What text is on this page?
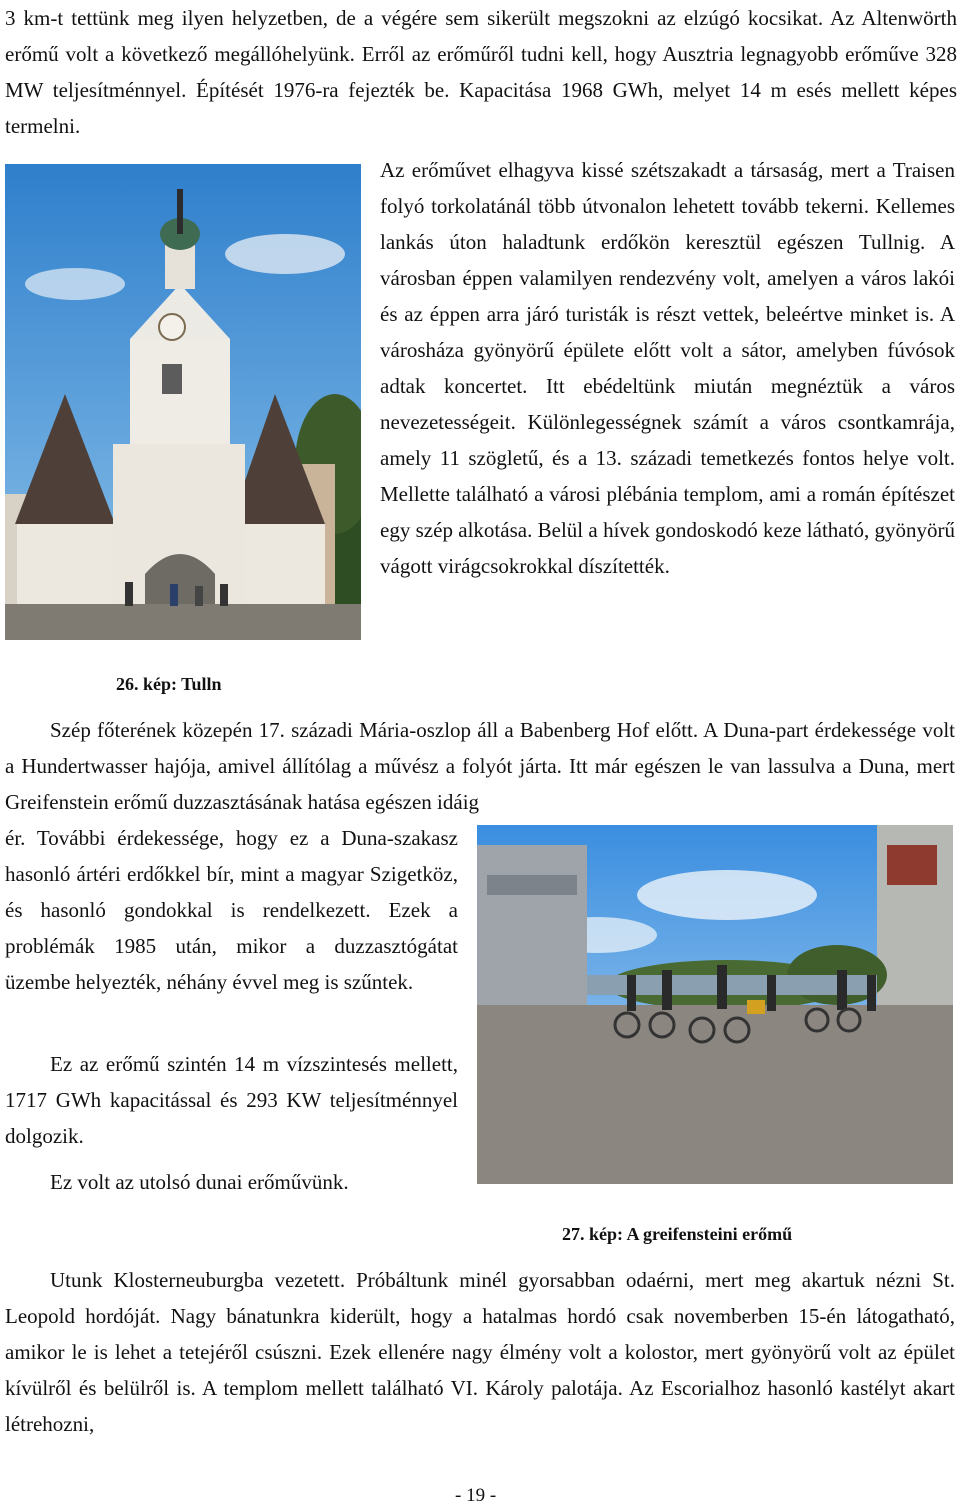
3 km-t tettünk meg ilyen helyzetben, de a végére sem sikerült megszokni az elzúgó kocsikat. Az Altenwörth erőmű volt a következő megállóhelyünk. Erről az erőműről tudni kell, hogy Ausztria legnagyobb erőműve 328 MW teljesítménnyel. Építését 1976-ra fejezték be. Kapacitása 1968 GWh, melyet 14 m esés mellett képes termelni.

Az erőművet elhagyva kissé szétszakadt a társaság, mert a Traisen folyó torkolatánál több útvonalon lehetett tovább tekerni. Kellemes lankás úton haladtunk erdőkön keresztül egészen Tullnig. A városban éppen valamilyen rendezvény volt, amelyen a város lakói és az éppen arra járó turisták is részt vettek, beleértve minket is. A városháza gyönyörű épülete előtt volt a sátor, amelyben fúvósok adtak koncertet. Itt ebédeltünk miután megnéztük a város nevezetességeit. Különlegességnek számít a város csontkamrája, amely 11 szögletű, és a 13. századi temetkezés fontos helye volt. Mellette található a városi plébánia templom, ami a román építészet egy szép alkotása. Belül a hívek gondoskodó keze látható, gyönyörű vágott virágcsokrokkal díszítették.

26. kép: Tulln

Szép főterének közepén 17. századi Mária-oszlop áll a Babenberg Hof előtt. A Duna-part érdekessége volt a Hundertwasser hajója, amivel állítólag a művész a folyót járta. Itt már egészen le van lassulva a Duna, mert Greifenstein erőmű duzzasztásának hatása egészen idáig

ér. További érdekessége, hogy ez a Duna-szakasz hasonló ártéri erdőkkel bír, mint a magyar Szigetköz, és hasonló gondokkal is rendelkezett. Ezek a problémák 1985 után, mikor a duzzasztógátat üzembe helyezték, néhány évvel meg is szűntek.

Ez az erőmű szintén 14 m vízszintesés mellett, 1717 GWh kapacitással és 293 KW teljesítménnyel dolgozik.

Ez volt az utolsó dunai erőművünk.

27. kép: A greifensteini erőmű

Utunk Klosterneuburgba vezetett. Próbáltunk minél gyorsabban odaérni, mert meg akartuk nézni St. Leopold hordóját. Nagy bánatunkra kiderült, hogy a hatalmas hordó csak novemberben 15-én látogatható, amikor le is lehet a tetejéről csúszni. Ezek ellenére nagy élmény volt a kolostor, mert gyönyörű volt az épület kívülről és belülről is. A templom mellett található VI. Károly palotája. Az Escorialhoz hasonló kastélyt akart létrehozni,

- 19 -
